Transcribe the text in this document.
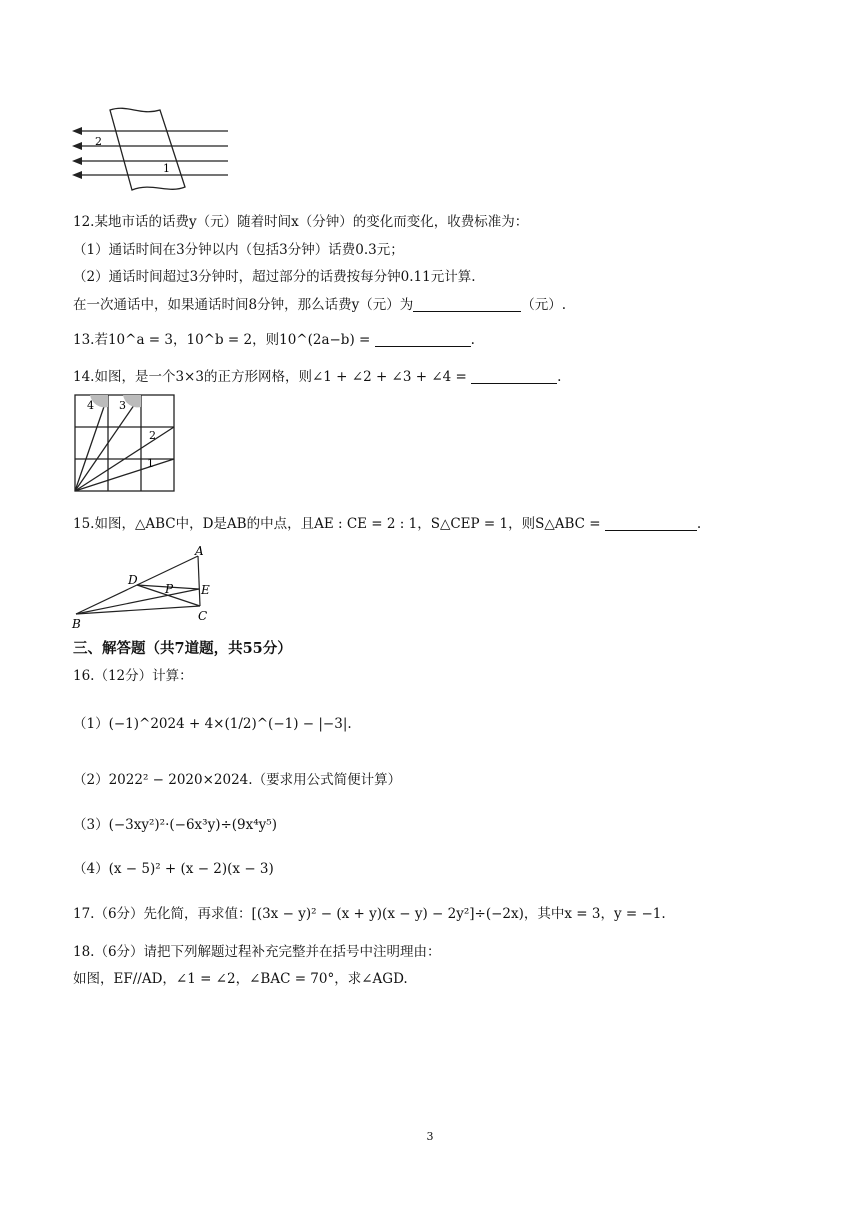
2
1
12.某地市话的话费y（元）随着时间x（分钟）的变化而变化，收费标准为：
（1）通话时间在3分钟以内（包括3分钟）话费0.3元；
（2）通话时间超过3分钟时，超过部分的话费按每分钟0.11元计算.
在一次通话中，如果通话时间8分钟，那么话费y（元）为	（元）.
13.若10^a = 3，10^b = 2，则10^(2a−b) =	.
14.如图，是一个3×3的正方形网格，则∠1 + ∠2 + ∠3 + ∠4 =	.
4 3
2
1
15.如图，△ABC中，D是AB的中点，且AE : CE = 2 : 1，S△CEP = 1，则S△ABC =	.
A
B
C
D
E
P
三、解答题（共7道题，共55分）
16.（12分）计算：
（1）(−1)^2024 + 4×(1/2)^(−1) − |−3|.
（2）2022² − 2020×2024.（要求用公式简便计算）
（3）(−3xy²)²·(−6x³y)÷(9x⁴y⁵)
（4）(x − 5)² + (x − 2)(x − 3)
17.（6分）先化简，再求值：[(3x − y)² − (x + y)(x − y) − 2y²]÷(−2x)，其中x = 3，y = −1.
18.（6分）请把下列解题过程补充完整并在括号中注明理由：
如图，EF//AD，∠1 = ∠2，∠BAC = 70°，求∠AGD.
3
